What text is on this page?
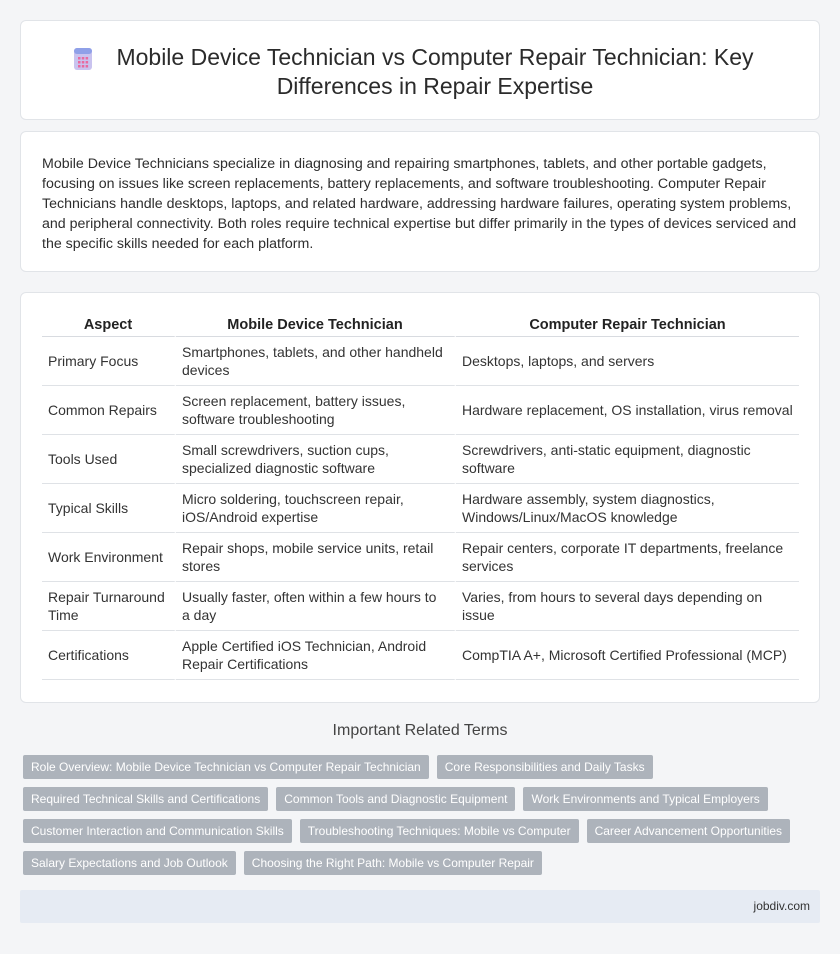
Mobile Device Technician vs Computer Repair Technician: Key Differences in Repair Expertise

Mobile Device Technicians specialize in diagnosing and repairing smartphones, tablets, and other portable gadgets, focusing on issues like screen replacements, battery replacements, and software troubleshooting. Computer Repair Technicians handle desktops, laptops, and related hardware, addressing hardware failures, operating system problems, and peripheral connectivity. Both roles require technical expertise but differ primarily in the types of devices serviced and the specific skills needed for each platform.

Aspect	Mobile Device Technician	Computer Repair Technician
Primary Focus	Smartphones, tablets, and other handheld devices	Desktops, laptops, and servers
Common Repairs	Screen replacement, battery issues, software troubleshooting	Hardware replacement, OS installation, virus removal
Tools Used	Small screwdrivers, suction cups, specialized diagnostic software	Screwdrivers, anti-static equipment, diagnostic software
Typical Skills	Micro soldering, touchscreen repair, iOS/Android expertise	Hardware assembly, system diagnostics, Windows/Linux/MacOS knowledge
Work Environment	Repair shops, mobile service units, retail stores	Repair centers, corporate IT departments, freelance services
Repair Turnaround Time	Usually faster, often within a few hours to a day	Varies, from hours to several days depending on issue
Certifications	Apple Certified iOS Technician, Android Repair Certifications	CompTIA A+, Microsoft Certified Professional (MCP)
Important Related Terms
Role Overview: Mobile Device Technician vs Computer Repair Technician	Core Responsibilities and Daily Tasks
Required Technical Skills and Certifications	Common Tools and Diagnostic Equipment	Work Environments and Typical Employers
Customer Interaction and Communication Skills	Troubleshooting Techniques: Mobile vs Computer	Career Advancement Opportunities
Salary Expectations and Job Outlook	Choosing the Right Path: Mobile vs Computer Repair
jobdiv.com
